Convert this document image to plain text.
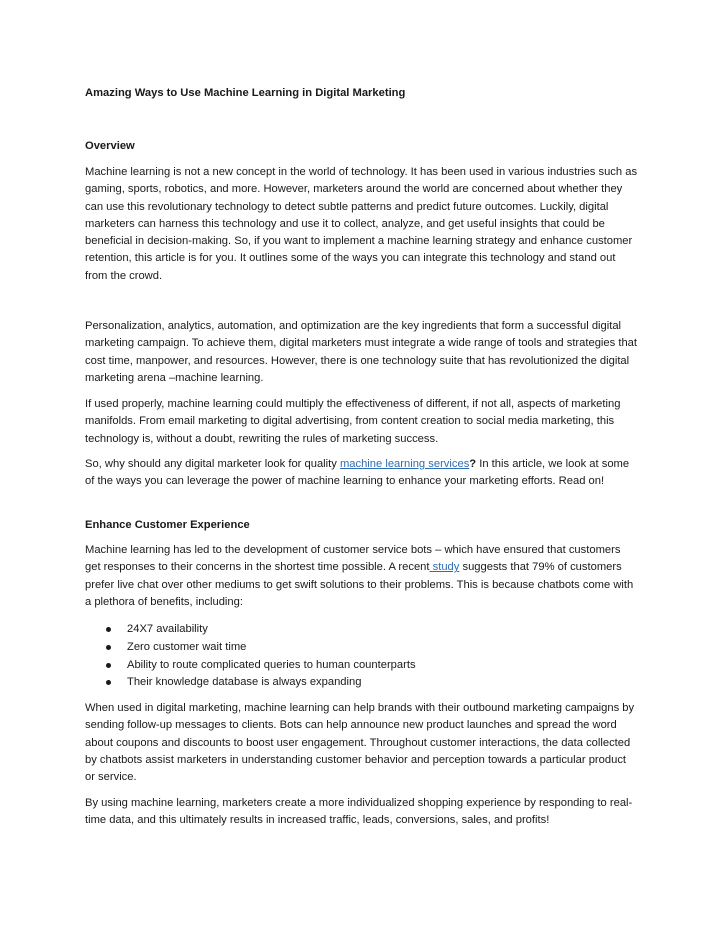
Amazing Ways to Use Machine Learning in Digital Marketing

Overview

Machine learning is not a new concept in the world of technology. It has been used in various industries such as gaming, sports, robotics, and more. However, marketers around the world are concerned about whether they can use this revolutionary technology to detect subtle patterns and predict future outcomes. Luckily, digital marketers can harness this technology and use it to collect, analyze, and get useful insights that could be beneficial in decision-making. So, if you want to implement a machine learning strategy and enhance customer retention, this article is for you. It outlines some of the ways you can integrate this technology and stand out from the crowd.

Personalization, analytics, automation, and optimization are the key ingredients that form a successful digital marketing campaign. To achieve them, digital marketers must integrate a wide range of tools and strategies that cost time, manpower, and resources. However, there is one technology suite that has revolutionized the digital marketing arena –machine learning.

If used properly, machine learning could multiply the effectiveness of different, if not all, aspects of marketing manifolds. From email marketing to digital advertising, from content creation to social media marketing, this technology is, without a doubt, rewriting the rules of marketing success.

So, why should any digital marketer look for quality machine learning services? In this article, we look at some of the ways you can leverage the power of machine learning to enhance your marketing efforts. Read on!

Enhance Customer Experience

Machine learning has led to the development of customer service bots – which have ensured that customers get responses to their concerns in the shortest time possible. A recent study suggests that 79% of customers prefer live chat over other mediums to get swift solutions to their problems. This is because chatbots come with a plethora of benefits, including:

24X7 availability
Zero customer wait time
Ability to route complicated queries to human counterparts
Their knowledge database is always expanding

When used in digital marketing, machine learning can help brands with their outbound marketing campaigns by sending follow-up messages to clients. Bots can help announce new product launches and spread the word about coupons and discounts to boost user engagement. Throughout customer interactions, the data collected by chatbots assist marketers in understanding customer behavior and perception towards a particular product or service.

By using machine learning, marketers create a more individualized shopping experience by responding to real-time data, and this ultimately results in increased traffic, leads, conversions, sales, and profits!
